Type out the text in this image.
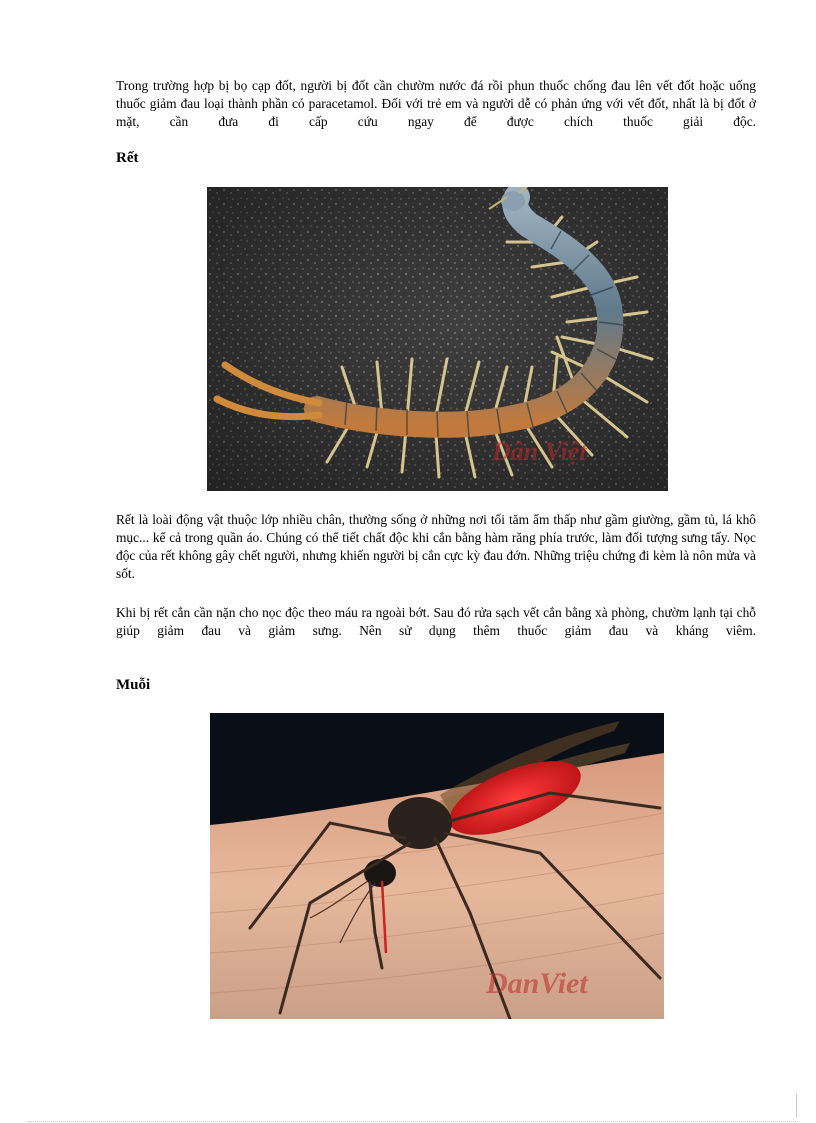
Trong trường hợp bị bọ cạp đốt, người bị đốt cần chườm nước đá rồi phun thuốc chống đau lên vết đốt hoặc uống thuốc giảm đau loại thành phần có paracetamol. Đối với trẻ em và người dễ có phản ứng với vết đốt, nhất là bị đốt ở mặt, cần đưa đi cấp cứu ngay để được chích thuốc giải độc.

Rết
Dân Việt

Rết là loài động vật thuộc lớp nhiều chân, thường sống ở những nơi tối tăm ẩm thấp như gầm giường, gầm tủ, lá khô mục... kể cả trong quần áo. Chúng có thể tiết chất độc khi cắn bằng hàm răng phía trước, làm đối tượng sưng tấy. Nọc độc của rết không gây chết người, nhưng khiến người bị cắn cực kỳ đau đớn. Những triệu chứng đi kèm là nôn mửa và sốt.

Khi bị rết cắn cần nặn cho nọc độc theo máu ra ngoài bớt. Sau đó rửa sạch vết cắn bằng xà phòng, chườm lạnh tại chỗ giúp giảm đau và giảm sưng. Nên sử dụng thêm thuốc giảm đau và kháng viêm.

Muỗi
DanViet
